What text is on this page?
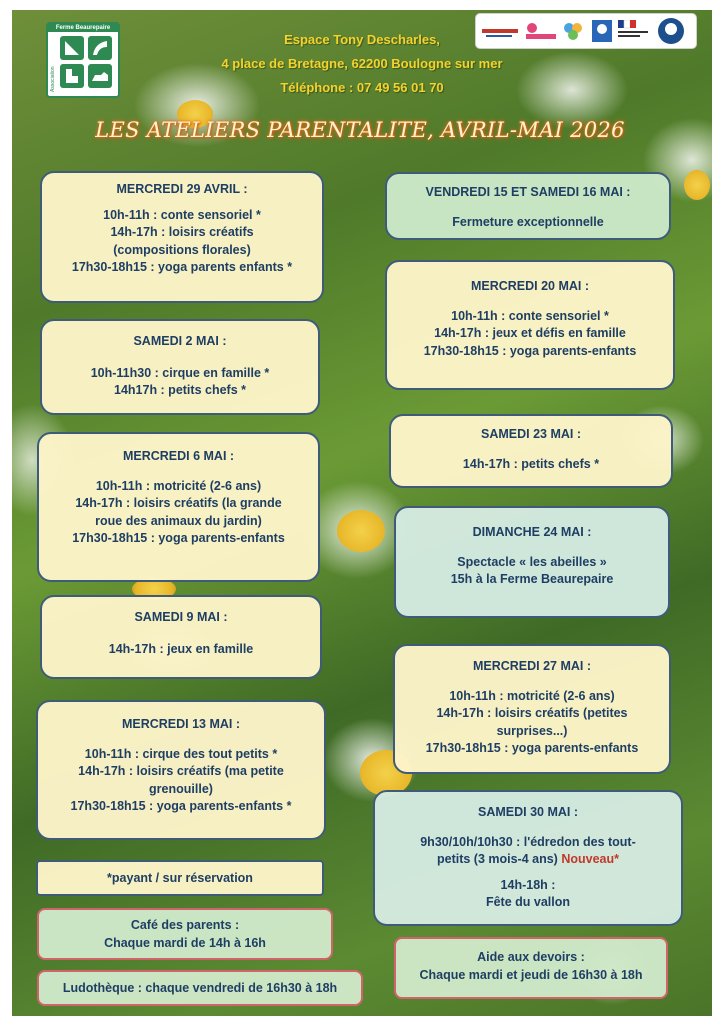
Ferme Beaurepaire
Association
Espace Tony Descharles,
4 place de Bretagne, 62200 Boulogne sur mer
Téléphone : 07 49 56 01 70
LES ATELIERS PARENTALITE, AVRIL-MAI 2026
MERCREDI 29 AVRIL :
10h-11h : conte sensoriel *
14h-17h : loisirs créatifs
(compositions florales)
17h30-18h15 : yoga parents enfants *
SAMEDI 2 MAI :
10h-11h30 : cirque en famille *
14h17h : petits chefs *
MERCREDI 6 MAI :
10h-11h : motricité (2-6 ans)
14h-17h : loisirs créatifs (la grande
roue des animaux du jardin)
17h30-18h15 : yoga parents-enfants
SAMEDI 9 MAI :
14h-17h : jeux en famille
MERCREDI 13 MAI :
10h-11h : cirque des tout petits *
14h-17h : loisirs créatifs (ma petite
grenouille)
17h30-18h15 : yoga parents-enfants *
*payant / sur réservation
Café des parents :
Chaque mardi de 14h à 16h
Ludothèque : chaque vendredi de 16h30 à 18h
VENDREDI 15 ET SAMEDI 16 MAI :
Fermeture exceptionnelle
MERCREDI 20 MAI :
10h-11h : conte sensoriel *
14h-17h : jeux et défis en famille
17h30-18h15 : yoga parents-enfants
SAMEDI 23 MAI :
14h-17h : petits chefs *
DIMANCHE 24 MAI :
Spectacle « les abeilles »
15h à la Ferme Beaurepaire
MERCREDI 27 MAI :
10h-11h : motricité (2-6 ans)
14h-17h : loisirs créatifs (petites
surprises...)
17h30-18h15 : yoga parents-enfants
SAMEDI 30 MAI :
9h30/10h/10h30 : l'édredon des tout-
petits (3 mois-4 ans) Nouveau*
14h-18h :
Fête du vallon
Aide aux devoirs :
Chaque mardi et jeudi de 16h30 à 18h
